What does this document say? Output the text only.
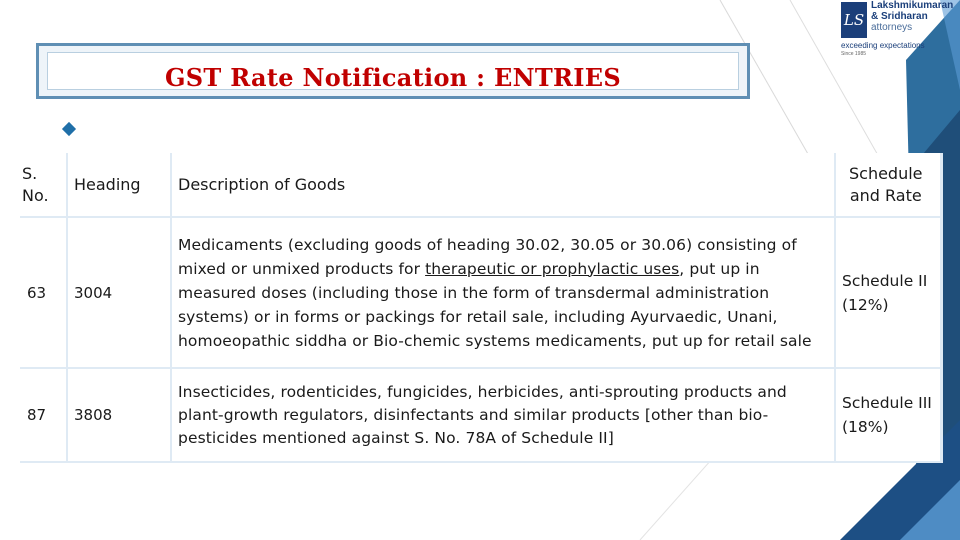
LS
Lakshmikumaran
& Sridharan
attorneys
exceeding expectations
Since 1985
GST Rate Notification : ENTRIES
S. No.	Heading	Description of Goods	Schedule and Rate
63	3004	Medicaments (excluding goods of heading 30.02, 30.05 or 30.06) consisting of mixed or unmixed products for therapeutic or prophylactic uses, put up in measured doses (including those in the form of transdermal administration systems) or in forms or packings for retail sale, including Ayurvaedic, Unani, homoeopathic siddha or Bio-chemic systems medicaments, put up for retail sale	Schedule II (12%)
87	3808	Insecticides, rodenticides, fungicides, herbicides, anti-sprouting products and plant-growth regulators, disinfectants and similar products [other than bio-pesticides mentioned against S. No. 78A of Schedule II]	Schedule III (18%)
